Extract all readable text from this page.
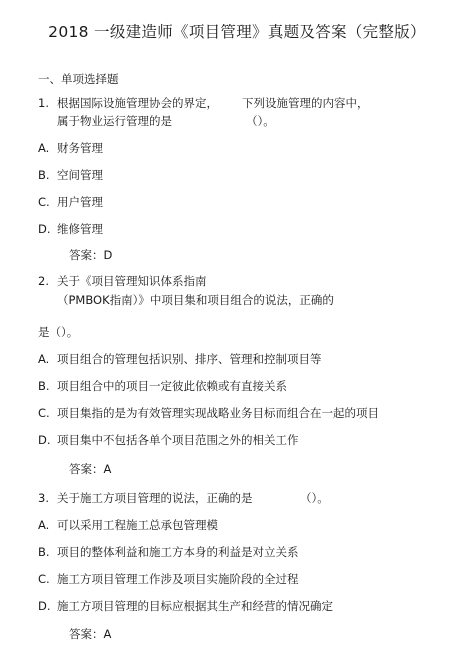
2018 一级建造师《项目管理》真题及答案（完整版）
一、单项选择题
1. 根据国际设施管理协会的界定， 下列设施管理的内容中，
属于物业运行管理的是	（）。
A. 财务管理
B. 空间管理
C. 用户管理
D. 维修管理
答案：D
2. 关于《项目管理知识体系指南
（PMBOK指南）》中项目集和项目组合的说法，正确的
是（）。
A. 项目组合的管理包括识别、排序、管理和控制项目等
B. 项目组合中的项目一定彼此依赖或有直接关系
C. 项目集指的是为有效管理实现战略业务目标而组合在一起的项目
D. 项目集中不包括各单个项目范围之外的相关工作
答案：A
3. 关于施工方项目管理的说法，正确的是	（）。
A. 可以采用工程施工总承包管理模
B. 项目的整体利益和施工方本身的利益是对立关系
C. 施工方项目管理工作涉及项目实施阶段的全过程
D. 施工方项目管理的目标应根据其生产和经营的情况确定
答案：A
